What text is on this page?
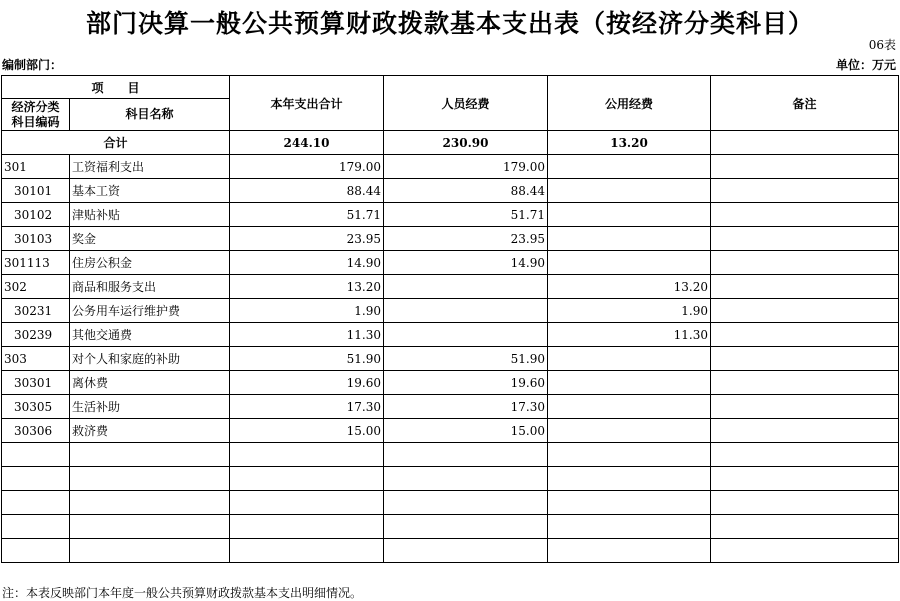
部门决算一般公共预算财政拨款基本支出表（按经济分类科目）
06表
编制部门：	单位：万元
项　　目		本年支出合计	人员经费	公用经费	备注
经济分类 科目编码	科目名称				
合计		244.10	230.90	13.20	
301	工资福利支出	179.00	179.00		
30101	基本工资	88.44	88.44		
30102	津贴补贴	51.71	51.71		
30103	奖金	23.95	23.95		
301113	住房公积金	14.90	14.90		
302	商品和服务支出	13.20		13.20	
30231	公务用车运行维护费	1.90		1.90	
30239	其他交通费	11.30		11.30	
303	对个人和家庭的补助	51.90	51.90		
30301	离休费	19.60	19.60		
30305	生活补助	17.30	17.30		
30306	救济费	15.00	15.00		

注：本表反映部门本年度一般公共预算财政拨款基本支出明细情况。
